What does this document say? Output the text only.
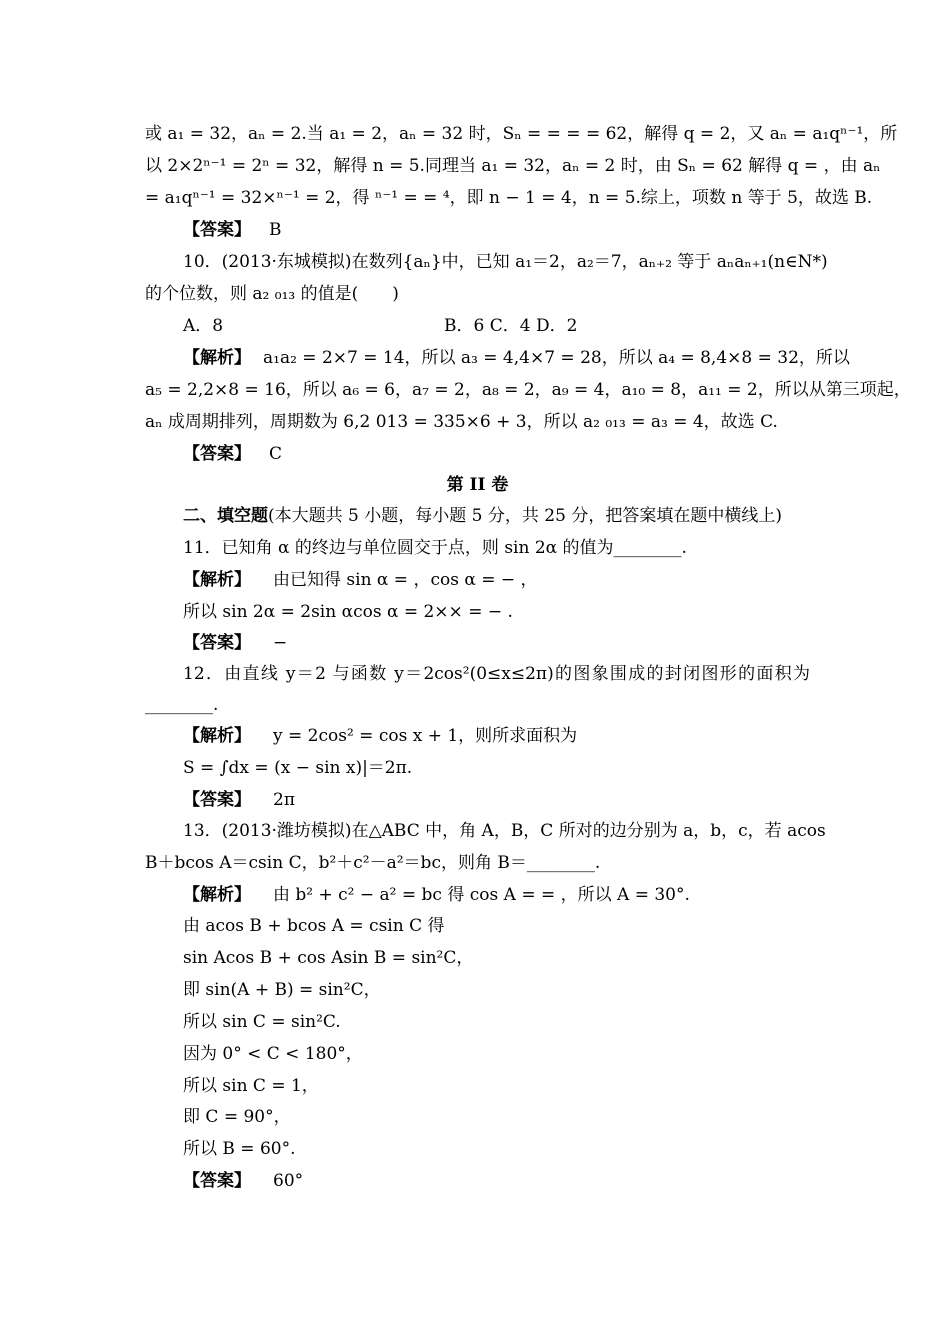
或 a₁ = 32，aₙ = 2.当 a₁ = 2，aₙ = 32 时，Sₙ = = = = 62，解得 q = 2，又 aₙ = a₁qⁿ⁻¹，所
以 2×2ⁿ⁻¹ = 2ⁿ = 32，解得 n = 5.同理当 a₁ = 32，aₙ = 2 时，由 Sₙ = 62 解得 q = ，由 aₙ
= a₁qⁿ⁻¹ = 32×ⁿ⁻¹ = 2，得 ⁿ⁻¹ = = ⁴，即 n − 1 = 4，n = 5.综上，项数 n 等于 5，故选 B.
【答案】 B
10．(2013·东城模拟)在数列{aₙ}中，已知 a₁＝2，a₂＝7，aₙ₊₂ 等于 aₙaₙ₊₁(n∈N*)
的个位数，则 a₂ ₀₁₃ 的值是(　　)
A．8	B．6 C．4 D．2
【解析】 a₁a₂ = 2×7 = 14，所以 a₃ = 4,4×7 = 28，所以 a₄ = 8,4×8 = 32，所以
a₅ = 2,2×8 = 16，所以 a₆ = 6，a₇ = 2，a₈ = 2，a₉ = 4，a₁₀ = 8，a₁₁ = 2，所以从第三项起，
aₙ 成周期排列，周期数为 6,2 013 = 335×6 + 3，所以 a₂ ₀₁₃ = a₃ = 4，故选 C.
【答案】 C
第 II 卷
二、填空题(本大题共 5 小题，每小题 5 分，共 25 分，把答案填在题中横线上)
11．已知角 α 的终边与单位圆交于点，则 sin 2α 的值为________.
【解析】 由已知得 sin α = ，cos α = − ，
所以 sin 2α = 2sin αcos α = 2×× = − .
【答案】 −
12．由直线 y＝2 与函数 y＝2cos²(0≤x≤2π)的图象围成的封闭图形的面积为
________.
【解析】 y = 2cos² = cos x + 1，则所求面积为
S = ∫dx = (x − sin x)|＝2π.
【答案】 2π
13．(2013·潍坊模拟)在△ABC 中，角 A，B，C 所对的边分别为 a，b，c，若 acos
B＋bcos A＝csin C，b²＋c²－a²＝bc，则角 B＝________.
【解析】 由 b² + c² − a² = bc 得 cos A = = ，所以 A = 30°.
由 acos B + bcos A = csin C 得
sin Acos B + cos Asin B = sin²C，
即 sin(A + B) = sin²C，
所以 sin C = sin²C.
因为 0° < C < 180°，
所以 sin C = 1，
即 C = 90°，
所以 B = 60°.
【答案】 60°
